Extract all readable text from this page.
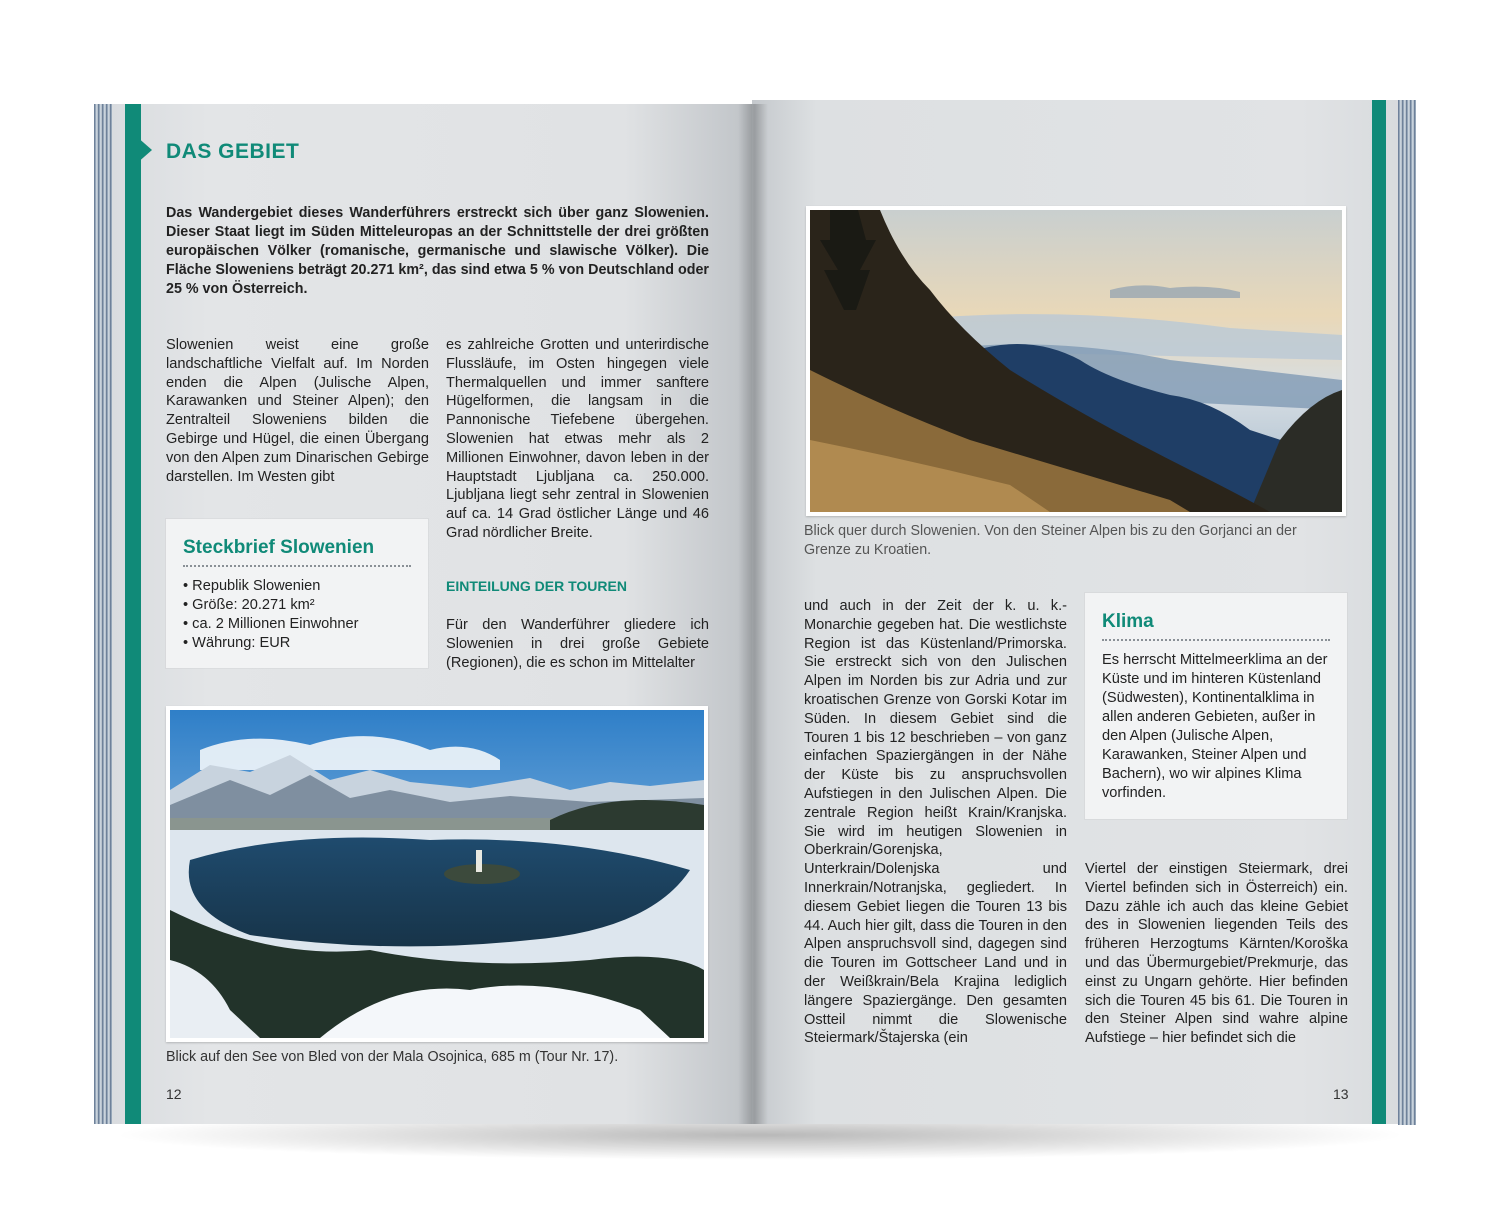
DAS GEBIET
Das Wandergebiet dieses Wanderführers erstreckt sich über ganz Slowenien. Dieser Staat liegt im Süden Mitteleuropas an der Schnittstelle der drei größten europäischen Völker (romanische, germanische und slawische Völker). Die Fläche Sloweniens beträgt 20.271 km², das sind etwa 5 % von Deutschland oder 25 % von Österreich.
Slowenien weist eine große landschaftliche Vielfalt auf. Im Norden enden die Alpen (Julische Alpen, Karawanken und Steiner Alpen); den Zentralteil Sloweniens bilden die Gebirge und Hügel, die einen Übergang von den Alpen zum Dinarischen Gebirge darstellen. Im Westen gibt
es zahlreiche Grotten und unterirdische Flussläufe, im Osten hingegen viele Thermalquellen und immer sanftere Hügelformen, die langsam in die Pannonische Tiefebene übergehen. Slowenien hat etwas mehr als 2 Millionen Einwohner, davon leben in der Hauptstadt Ljubljana ca. 250.000. Ljubljana liegt sehr zentral in Slowenien auf ca. 14 Grad östlicher Länge und 46 Grad nördlicher Breite.
EINTEILUNG DER TOUREN
Für den Wanderführer gliedere ich Slowenien in drei große Gebiete (Regionen), die es schon im Mittelalter
Steckbrief Slowenien
• Republik Slowenien
• Größe: 20.271 km²
• ca. 2 Millionen Einwohner
• Währung: EUR
Blick auf den See von Bled von der Mala Osojnica, 685 m (Tour Nr. 17).
12
Blick quer durch Slowenien. Von den Steiner Alpen bis zu den Gorjanci an der Grenze zu Kroatien.
und auch in der Zeit der k. u. k.-Monarchie gegeben hat. Die westlichste Region ist das Küstenland/Primorska. Sie erstreckt sich von den Julischen Alpen im Norden bis zur Adria und zur kroatischen Grenze von Gorski Kotar im Süden. In diesem Gebiet sind die Touren 1 bis 12 beschrieben – von ganz einfachen Spaziergängen in der Nähe der Küste bis zu anspruchsvollen Aufstiegen in den Julischen Alpen. Die zentrale Region heißt Krain/Kranjska. Sie wird im heutigen Slowenien in Oberkrain/Gorenjska, Unterkrain/Dolenjska und Innerkrain/Notranjska, gegliedert. In diesem Gebiet liegen die Touren 13 bis 44. Auch hier gilt, dass die Touren in den Alpen anspruchsvoll sind, dagegen sind die Touren im Gottscheer Land und in der Weißkrain/Bela Krajina lediglich längere Spaziergänge. Den gesamten Ostteil nimmt die Slowenische Steiermark/Štajerska (ein
Klima
Es herrscht Mittelmeerklima an der Küste und im hinteren Küstenland (Südwesten), Kontinentalklima in allen anderen Gebieten, außer in den Alpen (Julische Alpen, Karawanken, Steiner Alpen und Bachern), wo wir alpines Klima vorfinden.
Viertel der einstigen Steiermark, drei Viertel befinden sich in Österreich) ein. Dazu zähle ich auch das kleine Gebiet des in Slowenien liegenden Teils des früheren Herzogtums Kärnten/Koroška und das Übermurgebiet/Prekmurje, das einst zu Ungarn gehörte. Hier befinden sich die Touren 45 bis 61. Die Touren in den Steiner Alpen sind wahre alpine Aufstiege – hier befindet sich die
13
